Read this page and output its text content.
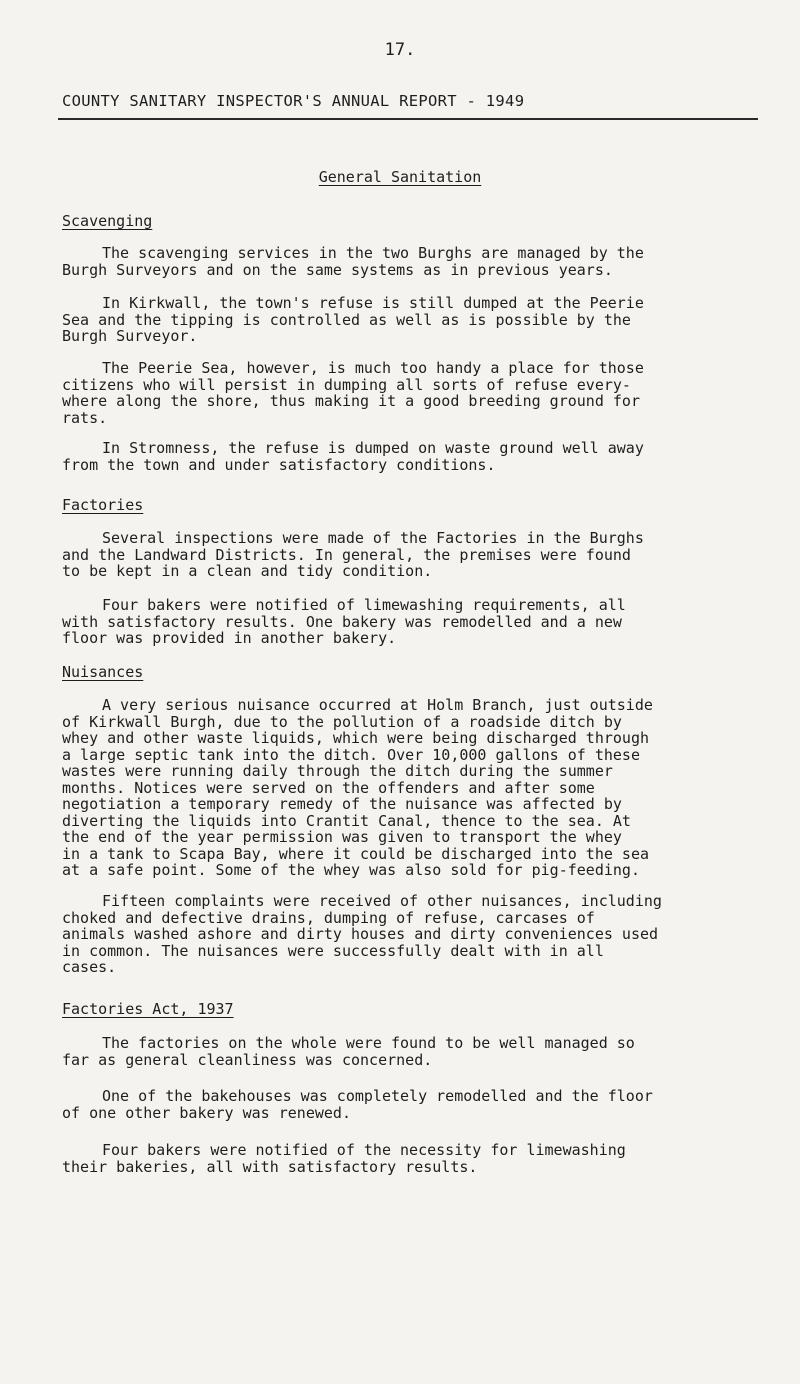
17.
COUNTY SANITARY INSPECTOR'S ANNUAL REPORT - 1949
General Sanitation
Scavenging
The scavenging services in the two Burghs are managed by the
Burgh Surveyors and on the same systems as in previous years.
In Kirkwall, the town's refuse is still dumped at the Peerie
Sea and the tipping is controlled as well as is possible by the
Burgh Surveyor.
The Peerie Sea, however, is much too handy a place for those
citizens who will persist in dumping all sorts of refuse every-
where along the shore, thus making it a good breeding ground for
rats.
In Stromness, the refuse is dumped on waste ground well away
from the town and under satisfactory conditions.
Factories
Several inspections were made of the Factories in the Burghs
and the Landward Districts. In general, the premises were found
to be kept in a clean and tidy condition.
Four bakers were notified of limewashing requirements, all
with satisfactory results. One bakery was remodelled and a new
floor was provided in another bakery.
Nuisances
A very serious nuisance occurred at Holm Branch, just outside
of Kirkwall Burgh, due to the pollution of a roadside ditch by
whey and other waste liquids, which were being discharged through
a large septic tank into the ditch. Over 10,000 gallons of these
wastes were running daily through the ditch during the summer
months. Notices were served on the offenders and after some
negotiation a temporary remedy of the nuisance was affected by
diverting the liquids into Crantit Canal, thence to the sea. At
the end of the year permission was given to transport the whey
in a tank to Scapa Bay, where it could be discharged into the sea
at a safe point. Some of the whey was also sold for pig-feeding.
Fifteen complaints were received of other nuisances, including
choked and defective drains, dumping of refuse, carcases of
animals washed ashore and dirty houses and dirty conveniences used
in common. The nuisances were successfully dealt with in all
cases.
Factories Act, 1937
The factories on the whole were found to be well managed so
far as general cleanliness was concerned.
One of the bakehouses was completely remodelled and the floor
of one other bakery was renewed.
Four bakers were notified of the necessity for limewashing
their bakeries, all with satisfactory results.
